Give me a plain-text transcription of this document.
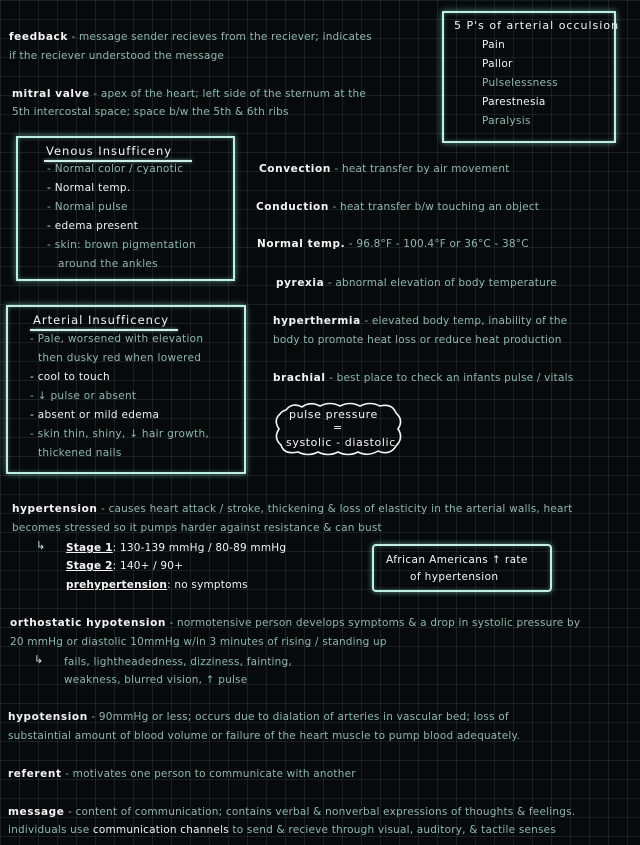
feedback - message sender recieves from the reciever; indicates
if the reciever understood the message
mitral valve - apex of the heart; left side of the sternum at the
5th intercostal space; space b/w the 5th & 6th ribs
5 P's of arterial occulsion
Pain
Pallor
Pulselessness
Parestnesia
Paralysis
Venous Insufficeny
- Normal color / cyanotic
- Normal temp.
- Normal pulse
- edema present
- skin: brown pigmentation
around the ankles
Convection - heat transfer by air movement
Conduction - heat transfer b/w touching an object
Normal temp. - 96.8°F - 100.4°F or 36°C - 38°C
pyrexia - abnormal elevation of body temperature
hyperthermia - elevated body temp, inability of the
body to promote heat loss or reduce heat production
brachial - best place to check an infants pulse / vitals
Arterial Insufficency
- Pale, worsened with elevation
then dusky red when lowered
- cool to touch
- ↓ pulse or absent
- absent or mild edema
- skin thin, shiny, ↓ hair growth,
thickened nails
pulse pressure
=
systolic - diastolic
hypertension - causes heart attack / stroke, thickening & loss of elasticity in the arterial walls, heart
becomes stressed so it pumps harder against resistance & can bust
↳ Stage 1: 130-139 mmHg / 80-89 mmHg
Stage 2: 140+ / 90+
prehypertension: no symptoms
African Americans ↑ rate
of hypertension
orthostatic hypotension - normotensive person develops symptoms & a drop in systolic pressure by
20 mmHg or diastolic 10mmHg w/in 3 minutes of rising / standing up
↳ fails, lightheadedness, dizziness, fainting,
weakness, blurred vision, ↑ pulse
hypotension - 90mmHg or less; occurs due to dialation of arteries in vascular bed; loss of
substaintial amount of blood volume or failure of the heart muscle to pump blood adequately.
referent - motivates one person to communicate with another
message - content of communication; contains verbal & nonverbal expressions of thoughts & feelings.
individuals use communication channels to send & recieve through visual, auditory, & tactile senses
